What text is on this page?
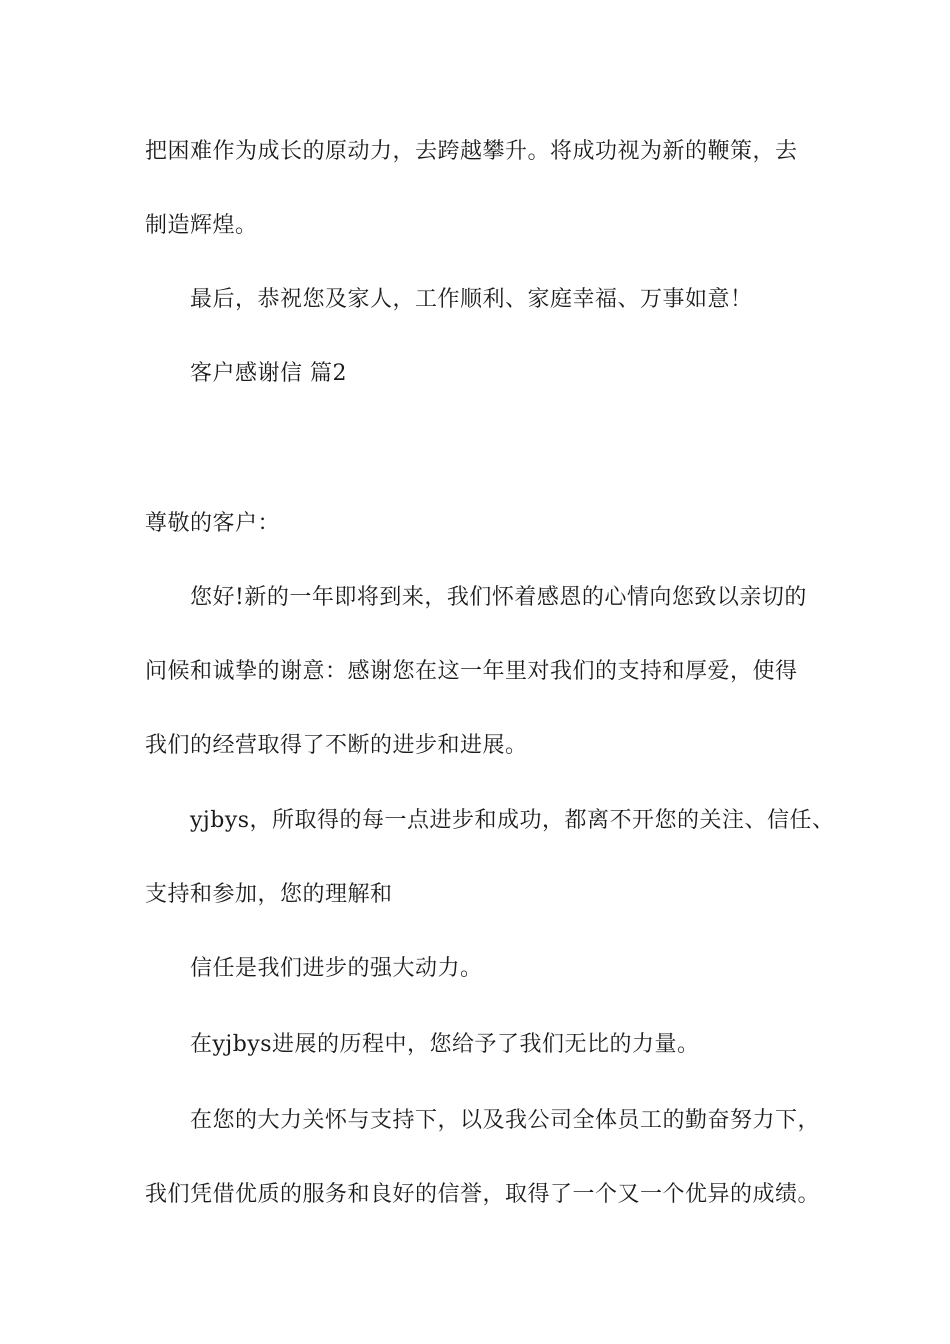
把困难作为成长的原动力，去跨越攀升。将成功视为新的鞭策，去
制造辉煌。
最后，恭祝您及家人，工作顺利、家庭幸福、万事如意！
客户感谢信 篇2
尊敬的客户：
您好!新的一年即将到来，我们怀着感恩的心情向您致以亲切的
问候和诚挚的谢意：感谢您在这一年里对我们的支持和厚爱，使得
我们的经营取得了不断的进步和进展。
yjbys，所取得的每一点进步和成功，都离不开您的关注、信任、
支持和参加，您的理解和
信任是我们进步的强大动力。
在yjbys进展的历程中，您给予了我们无比的力量。
在您的大力关怀与支持下，以及我公司全体员工的勤奋努力下，
我们凭借优质的服务和良好的信誉，取得了一个又一个优异的成绩。
